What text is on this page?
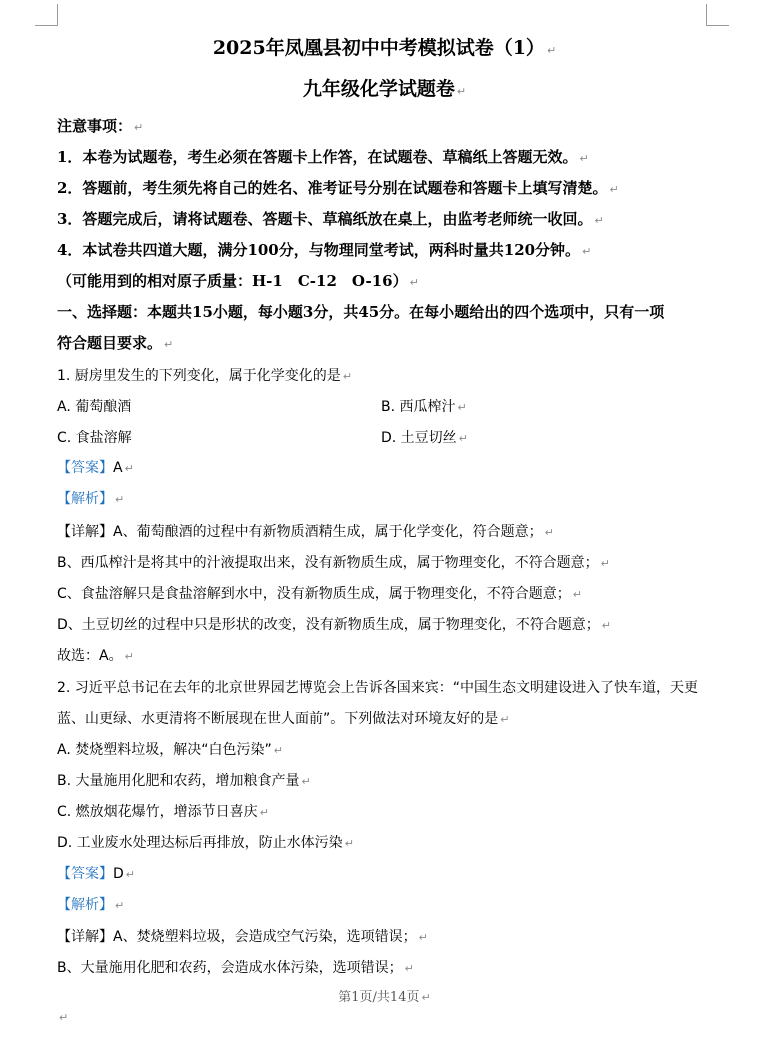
2025年凤凰县初中中考模拟试卷（1） ↵
九年级化学试题卷 ↵
注意事项： ↵
1．本卷为试题卷，考生必须在答题卡上作答，在试题卷、草稿纸上答题无效。 ↵
2．答题前，考生须先将自己的姓名、准考证号分别在试题卷和答题卡上填写清楚。 ↵
3．答题完成后，请将试题卷、答题卡、草稿纸放在桌上，由监考老师统一收回。 ↵
4．本试卷共四道大题，满分100分，与物理同堂考试，两科时量共120分钟。 ↵
（可能用到的相对原子质量：H-1　C-12　O-16） ↵
一、选择题：本题共15小题，每小题3分，共45分。在每小题给出的四个选项中，只有一项
符合题目要求。 ↵
1. 厨房里发生的下列变化，属于化学变化的是 ↵
A. 葡萄酿酒	B. 西瓜榨汁 ↵
C. 食盐溶解	D. 土豆切丝 ↵
【答案】A ↵
【解析】 ↵
【详解】A、葡萄酿酒的过程中有新物质酒精生成，属于化学变化，符合题意； ↵
B、西瓜榨汁是将其中的汁液提取出来，没有新物质生成，属于物理变化，不符合题意； ↵
C、食盐溶解只是食盐溶解到水中，没有新物质生成，属于物理变化，不符合题意； ↵
D、土豆切丝的过程中只是形状的改变，没有新物质生成，属于物理变化，不符合题意； ↵
故选：A。 ↵
2. 习近平总书记在去年的北京世界园艺博览会上告诉各国来宾：“中国生态文明建设进入了快车道，天更
蓝、山更绿、水更清将不断展现在世人面前”。下列做法对环境友好的是 ↵
A. 焚烧塑料垃圾，解决“白色污染” ↵
B. 大量施用化肥和农药，增加粮食产量 ↵
C. 燃放烟花爆竹，增添节日喜庆 ↵
D. 工业废水处理达标后再排放，防止水体污染 ↵
【答案】D ↵
【解析】 ↵
【详解】A、焚烧塑料垃圾，会造成空气污染，选项错误； ↵
B、大量施用化肥和农药，会造成水体污染，选项错误； ↵
第1页/共14页 ↵
↵
